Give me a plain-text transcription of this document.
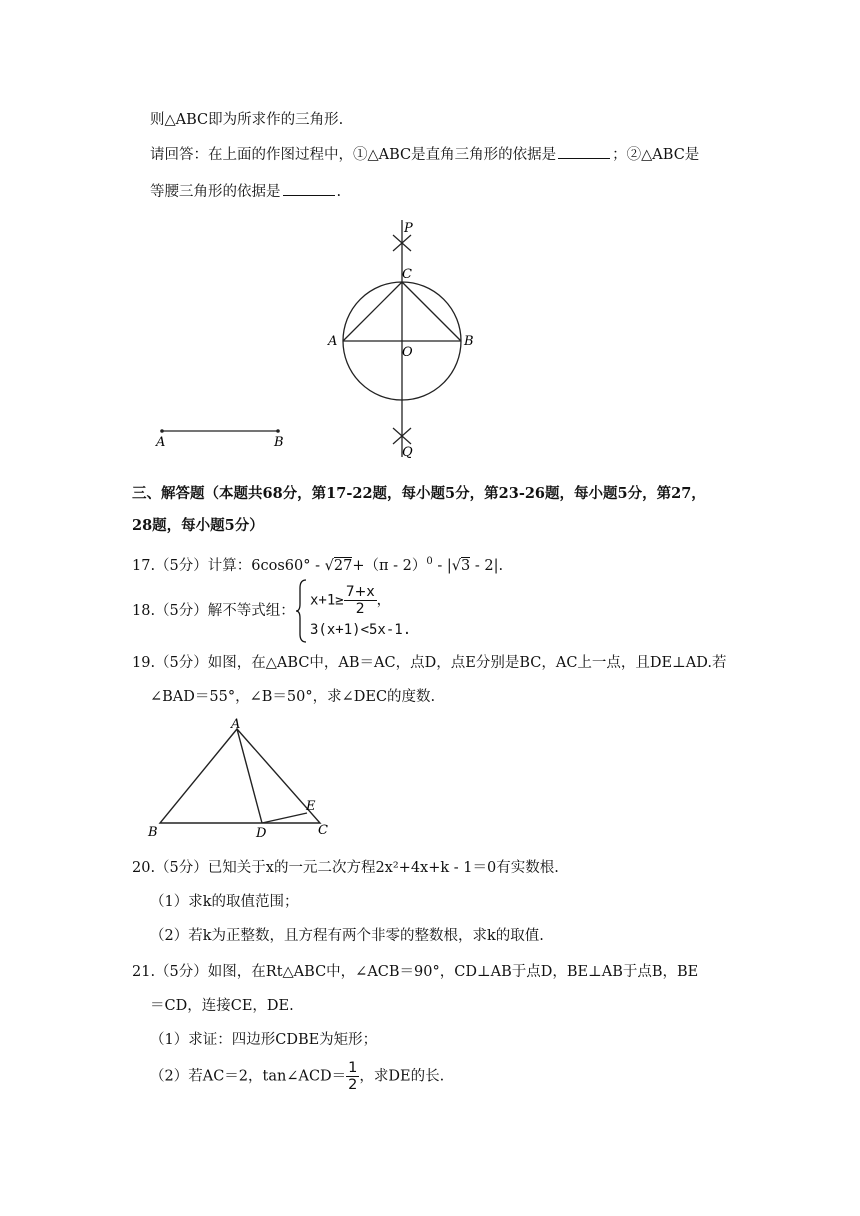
则△ABC即为所求作的三角形.
请回答：在上面的作图过程中，①△ABC是直角三角形的依据是	；②△ABC是
等腰三角形的依据是	.
P
C
A
O
B
Q
A	B
三、解答题（本题共68分，第17-22题，每小题5分，第23-26题，每小题5分，第27，
28题，每小题5分）
17.（5分）计算：6cos60° - √27+（π - 2）$^0$ - |√3 - 2|.
18.（5分）解不等式组：
$x+1\ge \frac{7+x}{2}$ ，
3(x+1)<5x-1.
19.（5分）如图，在△ABC中，AB＝AC，点D，点E分别是BC，AC上一点，且DE⊥AD.若
∠BAD＝55°，∠B＝50°，求∠DEC的度数.
A
B	D
E
C
20.（5分）已知关于x的一元二次方程2x²+4x+k - 1＝0有实数根.
（1）求k的取值范围；
（2）若k为正整数，且方程有两个非零的整数根，求k的取值.
21.（5分）如图，在Rt△ABC中，∠ACB＝90°，CD⊥AB于点D，BE⊥AB于点B，BE
＝CD，连接CE，DE.
（1）求证：四边形CDBE为矩形；
（2）若AC＝2，tan∠ACD＝ $\frac{1}{2}$ ，求DE的长.
